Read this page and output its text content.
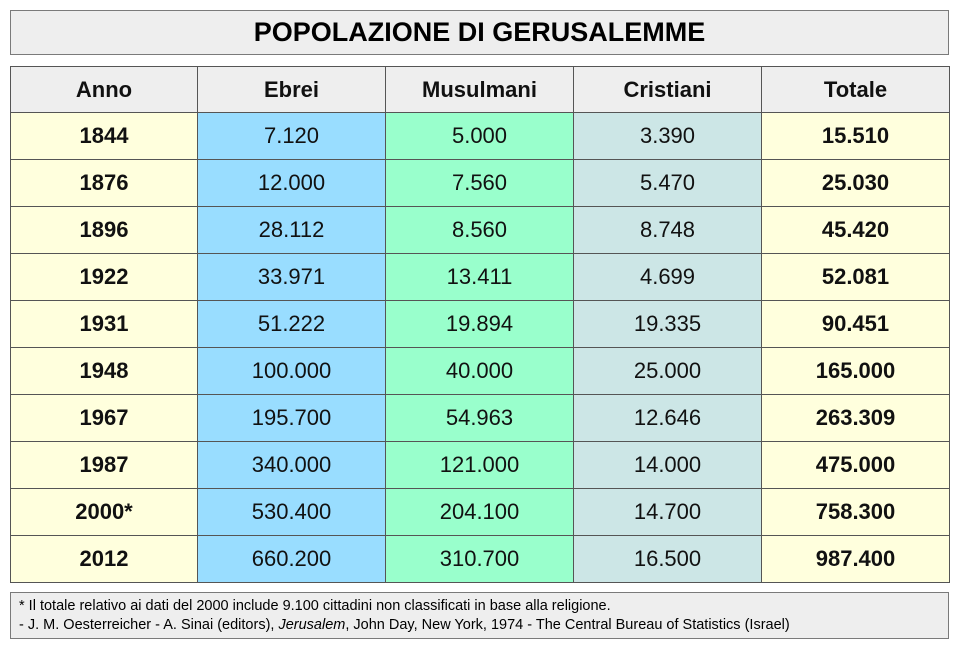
POPOLAZIONE DI GERUSALEMME
Anno	Ebrei	Musulmani	Cristiani	Totale
1844	7.120	5.000	3.390	15.510
1876	12.000	7.560	5.470	25.030
1896	28.112	8.560	8.748	45.420
1922	33.971	13.411	4.699	52.081
1931	51.222	19.894	19.335	90.451
1948	100.000	40.000	25.000	165.000
1967	195.700	54.963	12.646	263.309
1987	340.000	121.000	14.000	475.000
2000*	530.400	204.100	14.700	758.300
2012	660.200	310.700	16.500	987.400

* Il totale relativo ai dati del 2000 include 9.100 cittadini non classificati in base alla religione.

- J. M. Oesterreicher - A. Sinai (editors), Jerusalem, John Day, New York, 1974 - The Central Bureau of Statistics (Israel)
